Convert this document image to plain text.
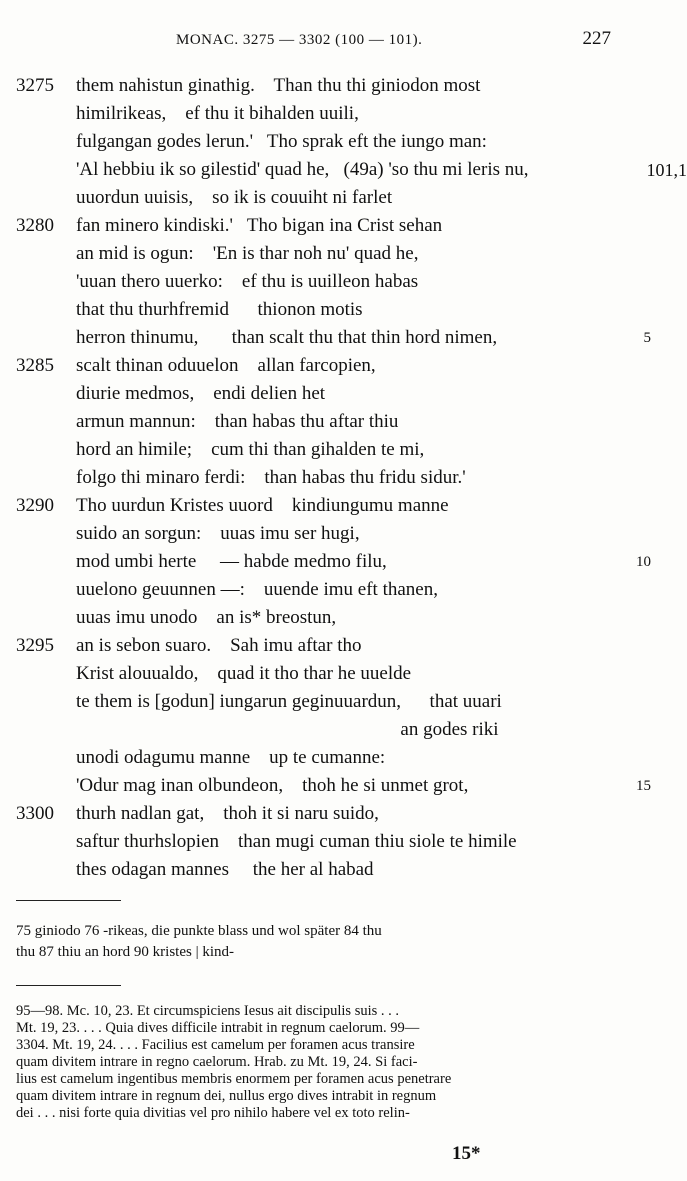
MONAC. 3275 — 3302 (100 — 101).	227
3275 them nahistun ginathig.    Than thu thi giniodon most
himilrikeas,    ef thu it bihalden uuili,
fulgangan godes lerun.'   Tho sprak eft the iungo man:
'Al hebbiu ik so gilestid' quad he,   (49a) 'so thu mi leris nu,	101,1
uuordun uuisis,    so ik is couuiht ni farlet
3280 fan minero kindiski.'   Tho bigan ina Crist sehan
an mid is ogun:    'En is thar noh nu' quad he,
'uuan thero uuerko:    ef thu is uuilleon habas
that thu thurhfremid      thionon motis
herron thinumu,       than scalt thu that thin hord nimen,	5
3285 scalt thinan oduuelon    allan farcopien,
diurie medmos,    endi delien het
armun mannun:    than habas thu aftar thiu
hord an himile;    cum thi than gihalden te mi,
folgo thi minaro ferdi:    than habas thu fridu sidur.'
3290 Tho uurdun Kristes uuord    kindiungumu manne
suido an sorgun:    uuas imu ser hugi,
mod umbi herte     — habde medmo filu,	10
uuelono geuunnen —:    uuende imu eft thanen,
uuas imu unodo    an is* breostun,
3295 an is sebon suaro.    Sah imu aftar tho
Krist alouualdo,    quad it tho thar he uuelde
te them is [godun] iungarun geginuuardun,      that uuari
an godes riki
unodi odagumu manne    up te cumanne:
'Odur mag inan olbundeon,    thoh he si unmet grot,	15
3300 thurh nadlan gat,    thoh it si naru suido,
saftur thurhslopien    than mugi cuman thiu siole te himile
thes odagan mannes     the her al habad
75 giniodo 76 -rikeas, die punkte blass und wol später 84 thu
thu 87 thiu an hord 90 kristes | kind-
95—98. Mc. 10, 23. Et circumspiciens Iesus ait discipulis suis . . .
Mt. 19, 23. . . . Quia dives difficile intrabit in regnum caelorum. 99—
3304. Mt. 19, 24. . . . Facilius est camelum per foramen acus transire
quam divitem intrare in regno caelorum. Hrab. zu Mt. 19, 24. Si faci-
lius est camelum ingentibus membris enormem per foramen acus penetrare
quam divitem intrare in regnum dei, nullus ergo dives intrabit in regnum
dei . . . nisi forte quia divitias vel pro nihilo habere vel ex toto relin-
15*
